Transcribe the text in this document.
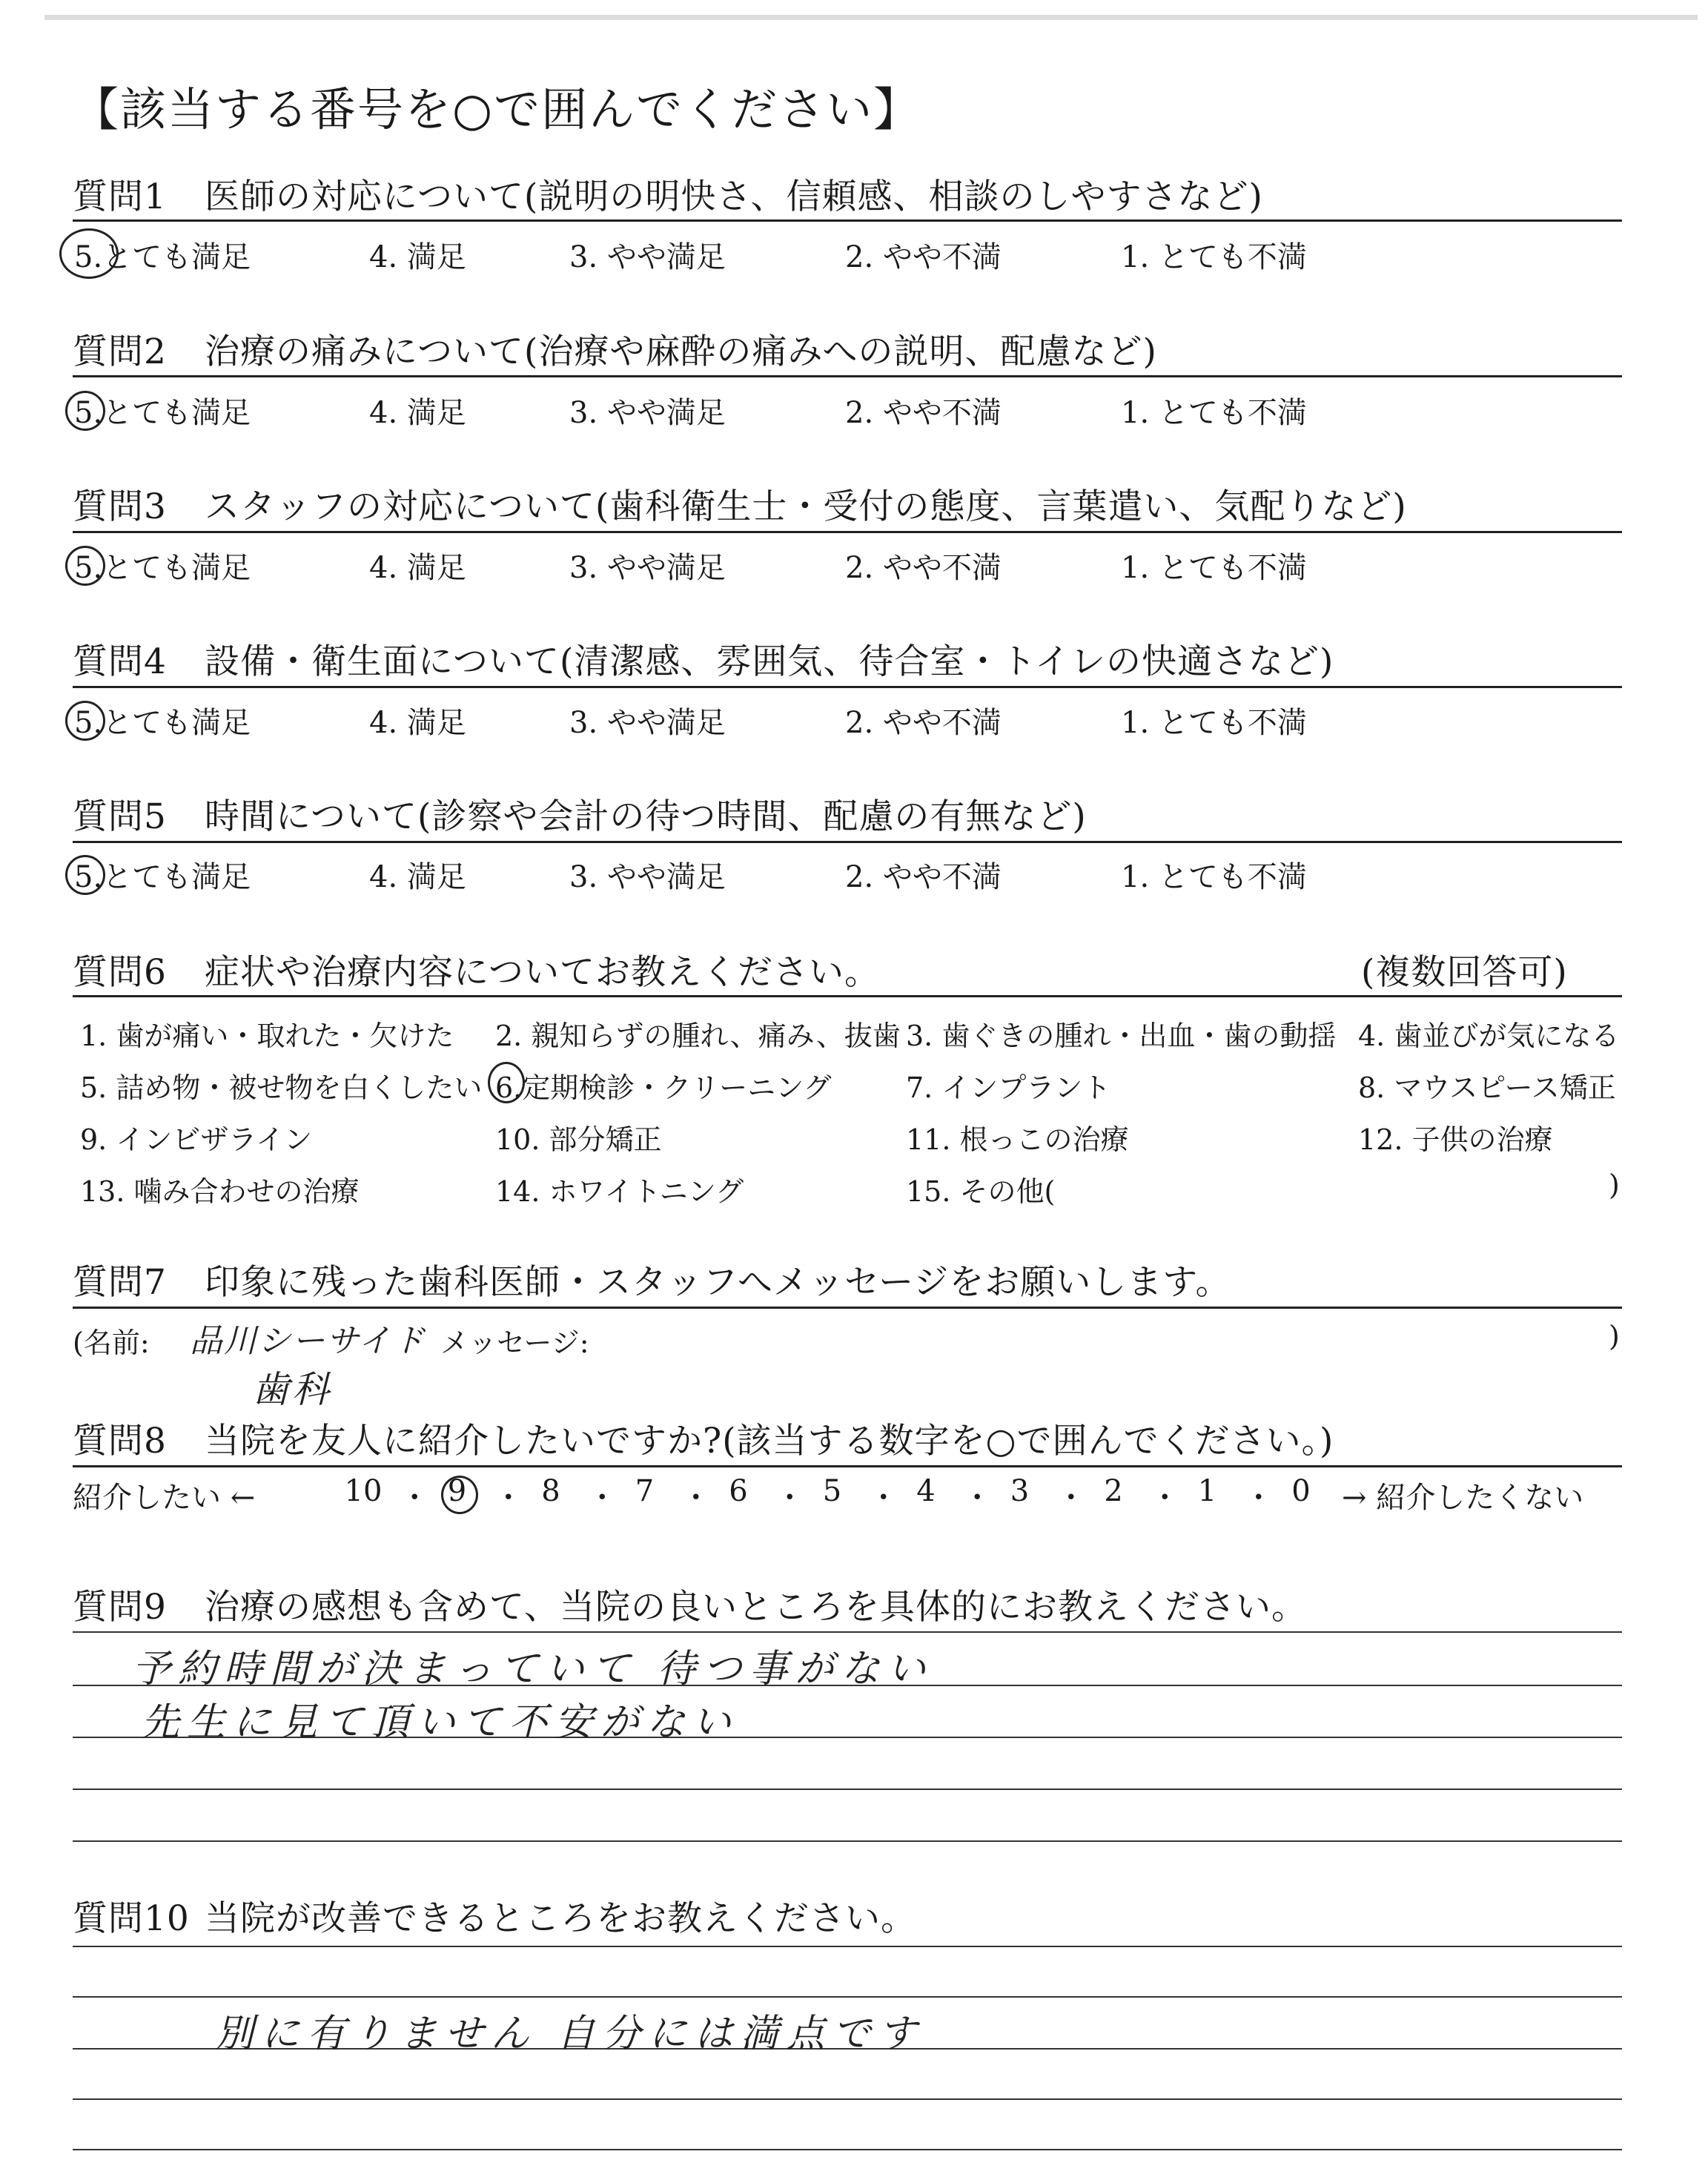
【該当する番号を○で囲んでください】
質問1 医師の対応について(説明の明快さ、信頼感、相談のしやすさなど)
5.とても満足	4. 満足	3. やや満足	2. やや不満	1. とても不満
質問2 治療の痛みについて(治療や麻酔の痛みへの説明、配慮など)
5.とても満足	4. 満足	3. やや満足	2. やや不満	1. とても不満
質問3 スタッフの対応について(歯科衛生士・受付の態度、言葉遣い、気配りなど)
5.とても満足	4. 満足	3. やや満足	2. やや不満	1. とても不満
質問4 設備・衛生面について(清潔感、雰囲気、待合室・トイレの快適さなど)
5.とても満足	4. 満足	3. やや満足	2. やや不満	1. とても不満
質問5 時間について(診察や会計の待つ時間、配慮の有無など)
5.とても満足	4. 満足	3. やや満足	2. やや不満	1. とても不満
質問6 症状や治療内容についてお教えください。	(複数回答可)
1. 歯が痛い・取れた・欠けた 2. 親知らずの腫れ、痛み、抜歯 3. 歯ぐきの腫れ・出血・歯の動揺 4. 歯並びが気になる
5. 詰め物・被せ物を白くしたい 6.定期検診・クリーニング	7. インプラント	8. マウスピース矯正
9. インビザライン	10. 部分矯正	11. 根っこの治療	12. 子供の治療
13. 噛み合わせの治療	14. ホワイトニング	15. その他(	)
質問7 印象に残った歯科医師・スタッフへメッセージをお願いします。
(名前: 品川シーサイド メッセージ:	)
歯科
質問8 当院を友人に紹介したいですか?(該当する数字を○で囲んでください。)
紹介したい ←	→ 紹介したくない
10 ・ 9 ・ 8 ・ 7 ・ 6 ・ 5 ・ 4 ・ 3 ・ 2 ・ 1 ・ 0
質問9 治療の感想も含めて、当院の良いところを具体的にお教えください。
予約時間が決まっていて 待つ事がない
先生に見て頂いて不安がない
質問10 当院が改善できるところをお教えください。
別に有りません 自分には満点です
